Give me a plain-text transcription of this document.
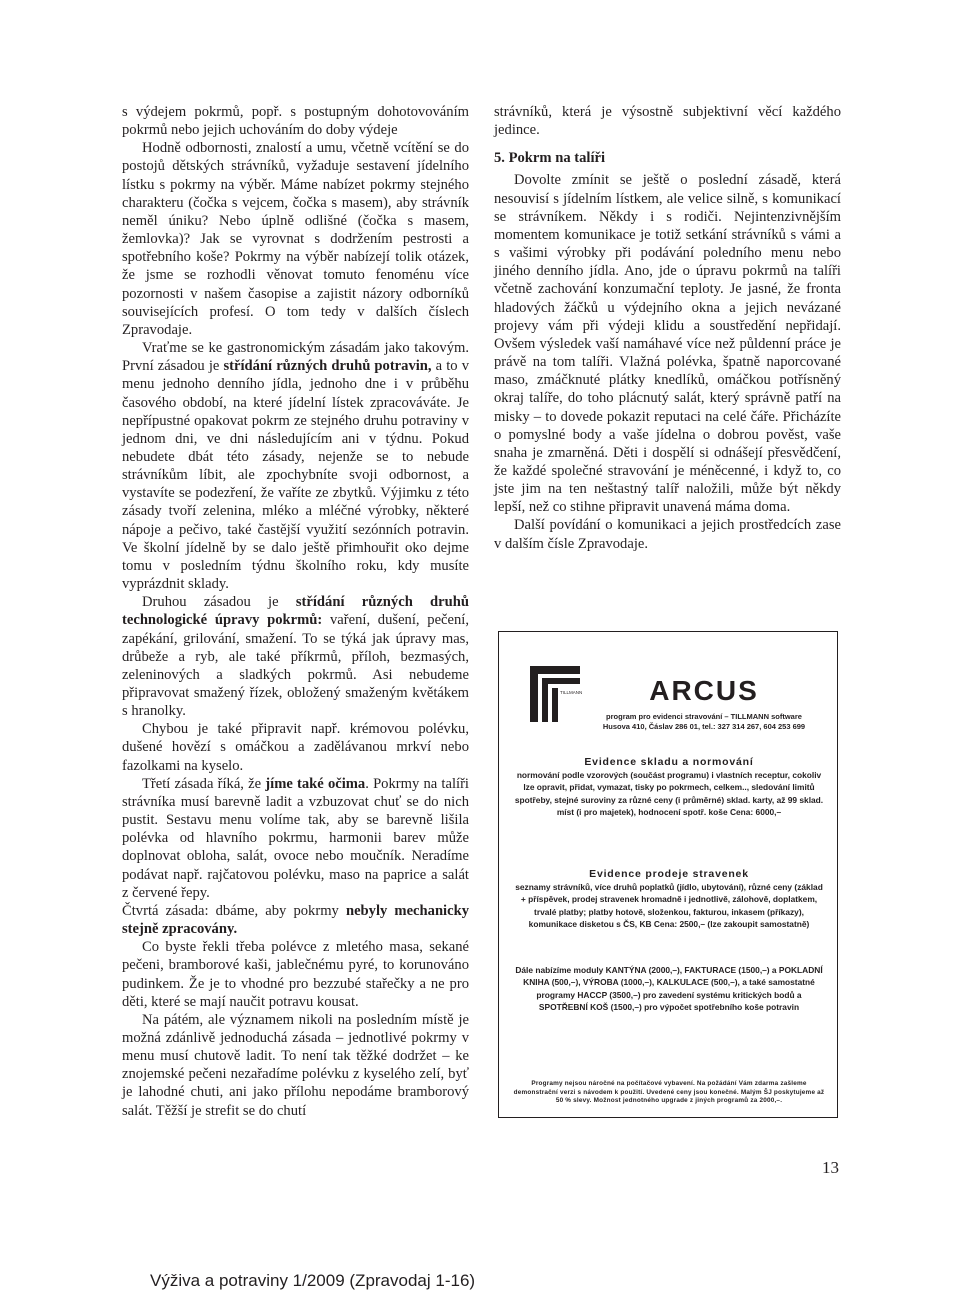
s výdejem pokrmů, popř. s postupným dohotovováním pokrmů nebo jejich uchováním do doby výdeje

Hodně odbornosti, znalostí a umu, včetně vcítění se do postojů dětských strávníků, vyžaduje sestavení jídelního lístku s pokrmy na výběr. Máme nabízet pokrmy stejného charakteru (čočka s vejcem, čočka s masem), aby strávník neměl úniku? Nebo úplně odlišné (čočka s masem, žemlovka)? Jak se vyrovnat s dodržením pestrosti a spotřebního koše? Pokrmy na výběr nabízejí tolik otázek, že jsme se rozhodli věnovat tomuto fenoménu více pozornosti v našem časopise a zajistit názory odborníků souvisejících profesí. O tom tedy v dalších číslech Zpravodaje.

Vraťme se ke gastronomickým zásadám jako takovým. První zásadou je střídání různých druhů potravin, a to v menu jednoho denního jídla, jednoho dne i v průběhu časového období, na které jídelní lístek zpracováváte. Je nepřípustné opakovat pokrm ze stejného druhu potraviny v jednom dni, ve dni následujícím ani v týdnu. Pokud nebudete dbát této zásady, nejenže se to nebude strávníkům líbit, ale zpochybníte svoji odbornost, a vystavíte se podezření, že vaříte ze zbytků. Výjimku z této zásady tvoří zelenina, mléko a mléčné výrobky, některé nápoje a pečivo, také častější využití sezónních potravin. Ve školní jídelně by se dalo ještě přimhouřit oko dejme tomu v posledním týdnu školního roku, kdy musíte vyprázdnit sklady.

Druhou zásadou je střídání různých druhů technologické úpravy pokrmů: vaření, dušení, pečení, zapékání, grilování, smažení. To se týká jak úpravy mas, drůbeže a ryb, ale také příkrmů, příloh, bezmasých, zeleninových a sladkých pokrmů. Asi nebudeme připravovat smažený řízek, obložený smaženým květákem s hranolky.

Chybou je také připravit např. krémovou polévku, dušené hovězí s omáčkou a zadělávanou mrkví nebo fazolkami na kyselo.

Třetí zásada říká, že jíme také očima. Pokrmy na talíři strávníka musí barevně ladit a vzbuzovat chuť se do nich pustit. Sestavu menu volíme tak, aby se barevně lišila polévka od hlavního pokrmu, harmonii barev může doplnovat obloha, salát, ovoce nebo moučník. Neradíme podávat např. rajčatovou polévku, maso na paprice a salát z červené řepy.

Čtvrtá zásada: dbáme, aby pokrmy nebyly mechanicky stejně zpracovány.

Co byste řekli třeba polévce z mletého masa, sekané pečeni, bramborové kaši, jablečnému pyré, to korunováno pudinkem. Že je to vhodné pro bezzubé stařečky a ne pro děti, které se mají naučit potravu kousat.

Na pátém, ale významem nikoli na posledním místě je možná zdánlivě jednoduchá zásada – jednotlivé pokrmy v menu musí chutově ladit. To není tak těžké dodržet – ke znojemské pečeni nezařadíme polévku z kyselého zelí, byť je lahodné chuti, ani jako přílohu nepodáme bramborový salát. Těžší je strefit se do chutí

strávníků, která je výsostně subjektivní věcí každého jedince.

5. Pokrm na talíři

Dovolte zmínit se ještě o poslední zásadě, která nesouvisí s jídelním lístkem, ale velice silně, s komunikací se strávníkem. Někdy i s rodiči. Nejintenzivnějším momentem komunikace je totiž setkání strávníků s vámi a s vašimi výrobky při podávání poledního menu nebo jiného denního jídla. Ano, jde o úpravu pokrmů na talíři včetně zachování konzumační teploty. Je jasné, že fronta hladových žáčků u výdejního okna a jejich nevázané projevy vám při výdeji klidu a soustředění nepřidají. Ovšem výsledek vaší namáhavé více než půldenní práce je právě na tom talíři. Vlažná polévka, špatně naporcované maso, zmáčknuté plátky knedlíků, omáčkou potřísněný okraj talíře, do toho plácnutý salát, který správně patří na misky – to dovede pokazit reputaci na celé čáře. Přicházíte o pomyslné body a vaše jídelna o dobrou pověst, vaše snaha je zmarněná. Děti i dospělí si odnášejí přesvědčení, že každé společné stravování je méněcenné, i když to, co jste jim na ten neštastný talíř naložili, může být někdy lepší, než co stihne připravit unavená máma doma.

Další povídání o komunikaci a jejich prostředcích zase v dalším čísle Zpravodaje.

TILLMANN	ARCUS

program pro evidenci stravování – TILLMANN software
Husova 410, Čáslav 286 01, tel.: 327 314 267, 604 253 699
Evidence skladu a normování
normování podle vzorových (součást programu) i vlastních receptur, cokoliv lze opravit, přidat, vymazat, tisky po pokrmech, celkem.., sledování limitů spotřeby, stejné suroviny za různé ceny (i průměrné) sklad. karty, až 99 sklad. míst (i pro majetek), hodnocení spotř. koše Cena: 6000,–
Evidence prodeje stravenek
seznamy strávníků, více druhů poplatků (jídlo, ubytování), různé ceny (základ + příspěvek, prodej stravenek hromadně i jednotlivě, zálohově, doplatkem, trvalé platby; platby hotově, složenkou, fakturou, inkasem (příkazy), komunikace disketou s ČS, KB Cena: 2500,– (lze zakoupit samostatně)
Dále nabízíme moduly KANTÝNA (2000,–), FAKTURACE (1500,–) a POKLADNÍ KNIHA (500,–), VÝROBA (1000,–), KALKULACE (500,–), a také samostatné programy HACCP (3500,–) pro zavedení systému kritických bodů a SPOTŘEBNÍ KOŠ (1500,–) pro výpočet spotřebního koše potravin
Programy nejsou náročné na počítačové vybavení. Na požádání Vám zdarma zašleme demonstrační verzi s návodem k použití. Uvedené ceny jsou konečné. Malým ŠJ poskytujeme až 50 % slevy. Možnost jednotného upgrade z jiných programů za 2000,–.
13
Výživa a potraviny 1/2009 (Zpravodaj 1-16)
